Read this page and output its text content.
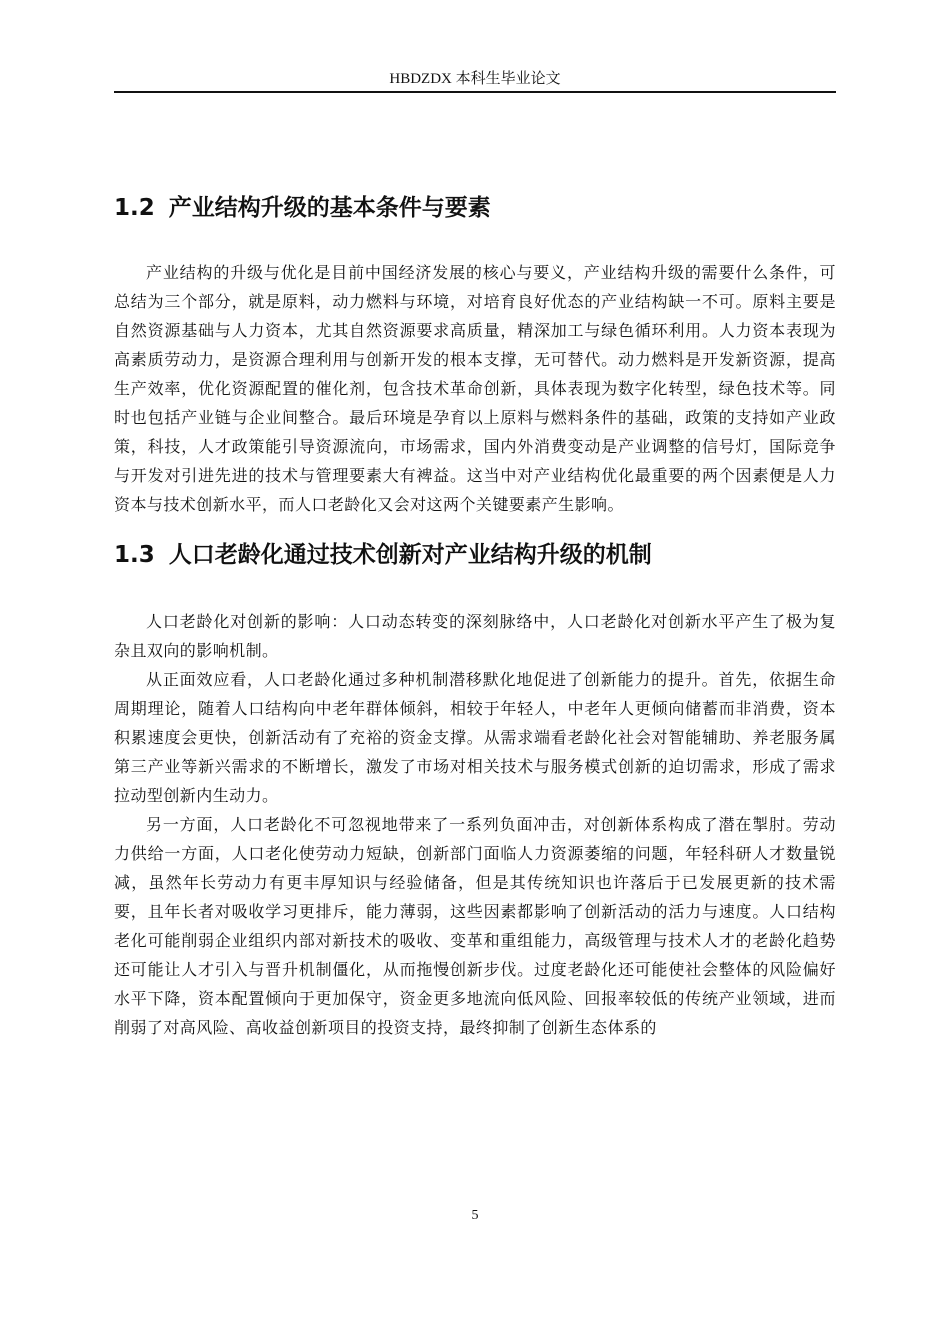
HBDZDX 本科生毕业论文
1.2 产业结构升级的基本条件与要素

产业结构的升级与优化是目前中国经济发展的核心与要义，产业结构升级的需要什么条件，可总结为三个部分，就是原料，动力燃料与环境，对培育良好优态的产业结构缺一不可。原料主要是自然资源基础与人力资本，尤其自然资源要求高质量，精深加工与绿色循环利用。人力资本表现为高素质劳动力，是资源合理利用与创新开发的根本支撑，无可替代。动力燃料是开发新资源，提高生产效率，优化资源配置的催化剂，包含技术革命创新，具体表现为数字化转型，绿色技术等。同时也包括产业链与企业间整合。最后环境是孕育以上原料与燃料条件的基础，政策的支持如产业政策，科技，人才政策能引导资源流向，市场需求，国内外消费变动是产业调整的信号灯，国际竞争与开发对引进先进的技术与管理要素大有裨益。这当中对产业结构优化最重要的两个因素便是人力资本与技术创新水平，而人口老龄化又会对这两个关键要素产生影响。

1.3 人口老龄化通过技术创新对产业结构升级的机制

人口老龄化对创新的影响：人口动态转变的深刻脉络中，人口老龄化对创新水平产生了极为复杂且双向的影响机制。

从正面效应看，人口老龄化通过多种机制潜移默化地促进了创新能力的提升。首先，依据生命周期理论，随着人口结构向中老年群体倾斜，相较于年轻人，中老年人更倾向储蓄而非消费，资本积累速度会更快，创新活动有了充裕的资金支撑。从需求端看老龄化社会对智能辅助、养老服务属第三产业等新兴需求的不断增长，激发了市场对相关技术与服务模式创新的迫切需求，形成了需求拉动型创新内生动力。

另一方面，人口老龄化不可忽视地带来了一系列负面冲击，对创新体系构成了潜在掣肘。劳动力供给一方面，人口老化使劳动力短缺，创新部门面临人力资源萎缩的问题，年轻科研人才数量锐减，虽然年长劳动力有更丰厚知识与经验储备，但是其传统知识也许落后于已发展更新的技术需要，且年长者对吸收学习更排斥，能力薄弱，这些因素都影响了创新活动的活力与速度。人口结构老化可能削弱企业组织内部对新技术的吸收、变革和重组能力，高级管理与技术人才的老龄化趋势还可能让人才引入与晋升机制僵化，从而拖慢创新步伐。过度老龄化还可能使社会整体的风险偏好水平下降，资本配置倾向于更加保守，资金更多地流向低风险、回报率较低的传统产业领域，进而削弱了对高风险、高收益创新项目的投资支持，最终抑制了创新生态体系的

5
